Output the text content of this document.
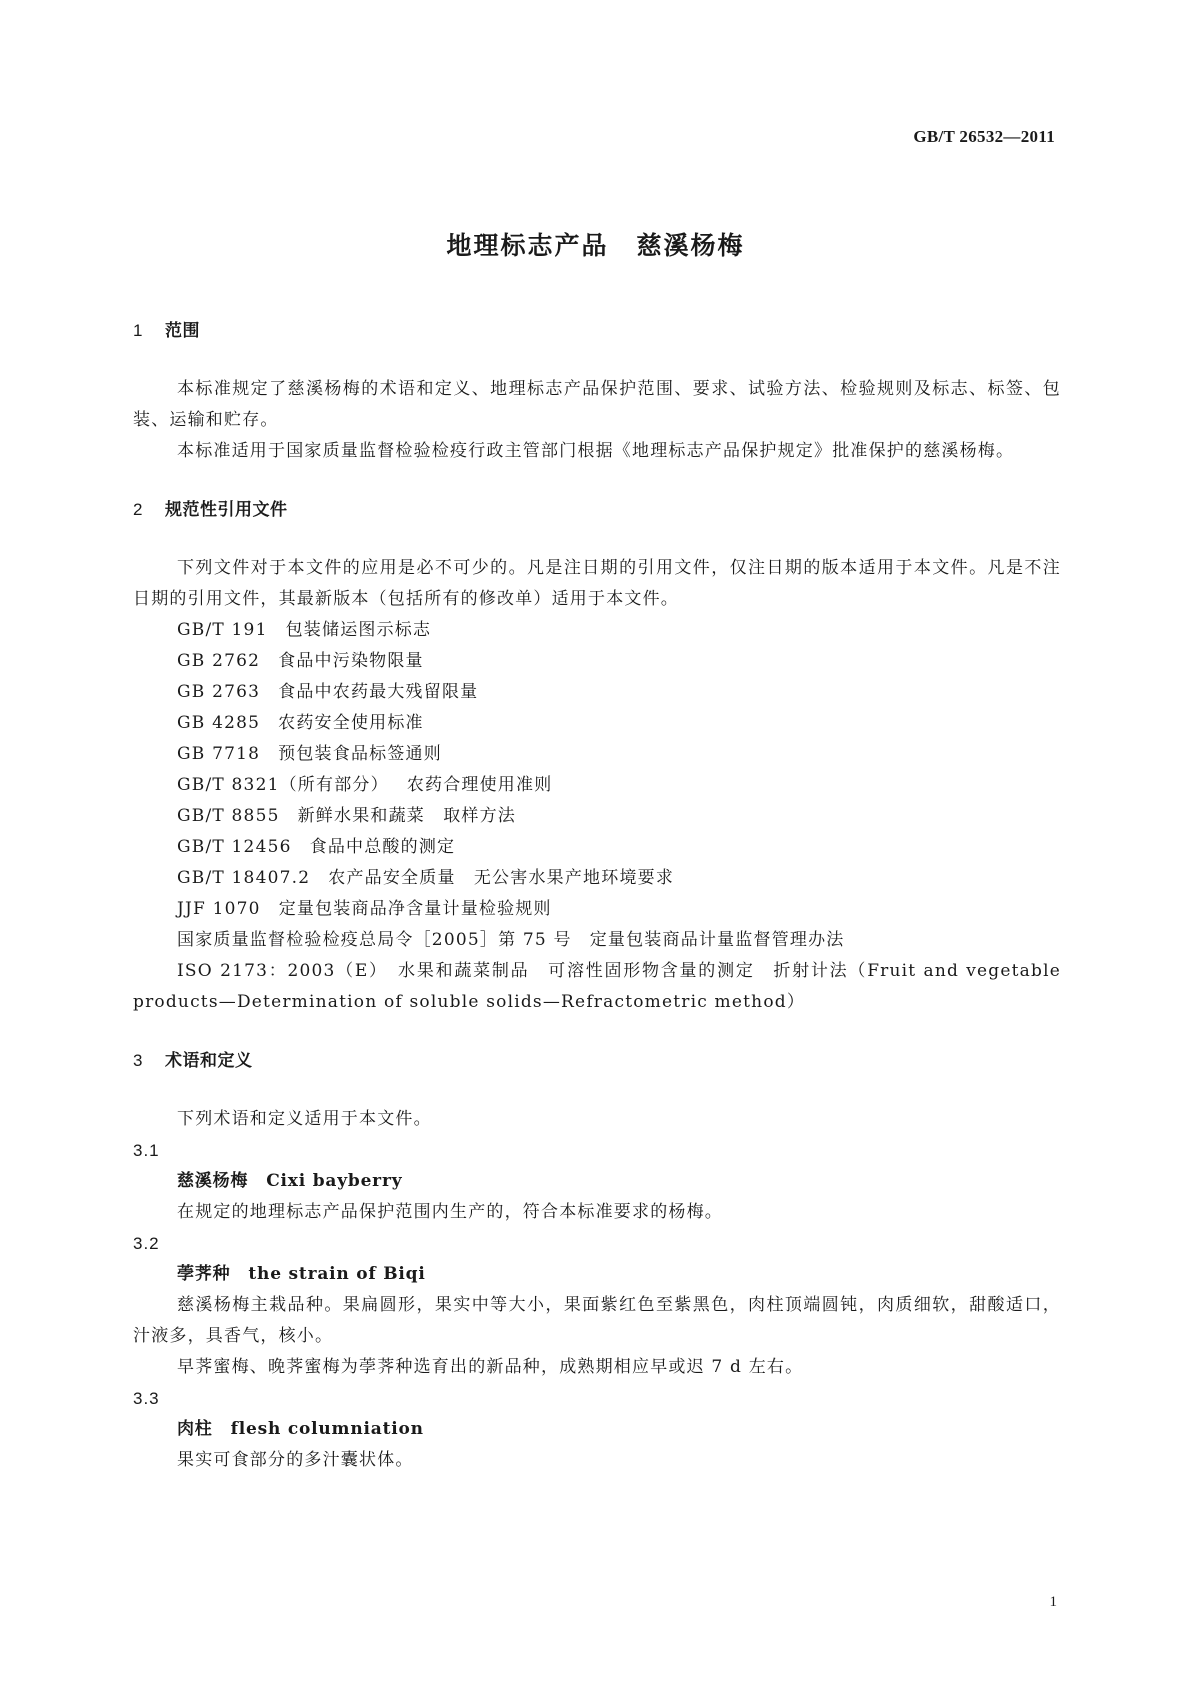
GB/T 26532—2011
地理标志产品 慈溪杨梅
1 范围

本标准规定了慈溪杨梅的术语和定义、地理标志产品保护范围、要求、试验方法、检验规则及标志、标签、包装、运输和贮存。

本标准适用于国家质量监督检验检疫行政主管部门根据《地理标志产品保护规定》批准保护的慈溪杨梅。

2 规范性引用文件

下列文件对于本文件的应用是必不可少的。凡是注日期的引用文件，仅注日期的版本适用于本文件。凡是不注日期的引用文件，其最新版本（包括所有的修改单）适用于本文件。

GB/T 191 包装储运图示标志
GB 2762 食品中污染物限量
GB 2763 食品中农药最大残留限量
GB 4285 农药安全使用标准
GB 7718 预包装食品标签通则
GB/T 8321（所有部分） 农药合理使用准则
GB/T 8855 新鲜水果和蔬菜　取样方法
GB/T 12456 食品中总酸的测定
GB/T 18407.2 农产品安全质量　无公害水果产地环境要求
JJF 1070 定量包装商品净含量计量检验规则
国家质量监督检验检疫总局令［2005］第 75 号 定量包装商品计量监督管理办法

ISO 2173：2003（E）　水果和蔬菜制品　可溶性固形物含量的测定　折射计法（Fruit and vegetable products—Determination of soluble solids—Refractometric method）

3 术语和定义

下列术语和定义适用于本文件。

3.1
慈溪杨梅 Cixi bayberry

在规定的地理标志产品保护范围内生产的，符合本标准要求的杨梅。

3.2
荸荠种 the strain of Biqi

慈溪杨梅主栽品种。果扁圆形，果实中等大小，果面紫红色至紫黑色，肉柱顶端圆钝，肉质细软，甜酸适口，汁液多，具香气，核小。

早荠蜜梅、晚荠蜜梅为荸荠种选育出的新品种，成熟期相应早或迟 7 d 左右。

3.3
肉柱 flesh columniation

果实可食部分的多汁囊状体。

1
